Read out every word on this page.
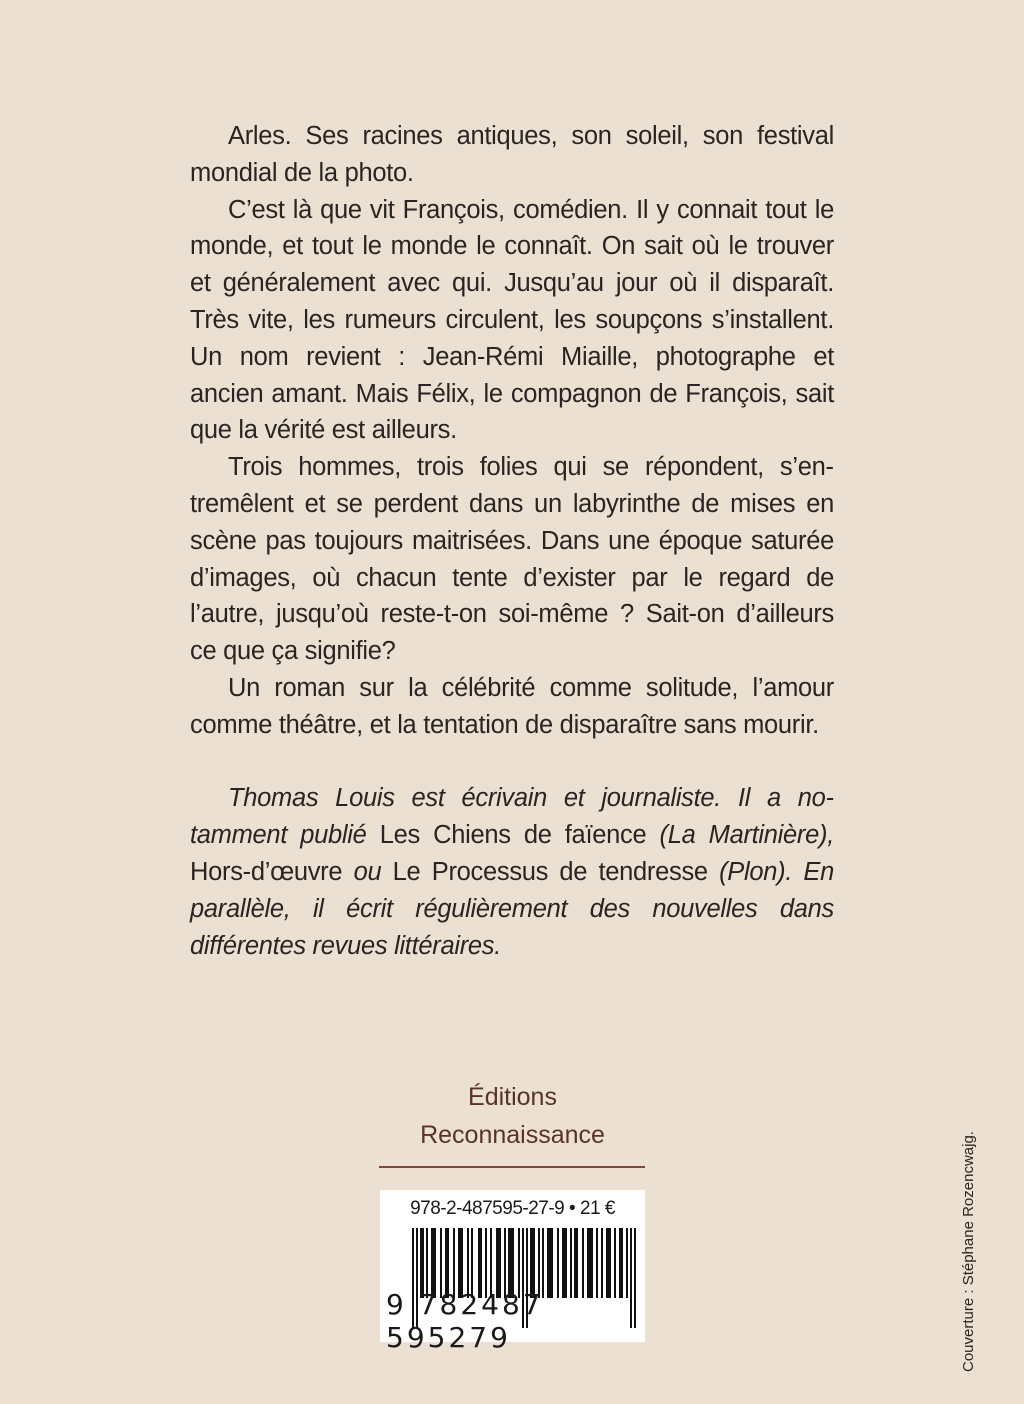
Arles. Ses racines antiques, son soleil, son festival mondial de la photo.

C’est là que vit François, comédien. Il y connait tout le monde, et tout le monde le connaît. On sait où le trouver et généralement avec qui. Jusqu’au jour où il disparaît. Très vite, les rumeurs circulent, les soupçons s’installent. Un nom revient : Jean-Rémi Miaille, photographe et ancien amant. Mais Félix, le compagnon de François, sait que la vérité est ailleurs.

Trois hommes, trois folies qui se répondent, s’entremêlent et se perdent dans un labyrinthe de mises en scène pas toujours maitrisées. Dans une époque saturée d’images, où chacun tente d’exister par le regard de l’autre, jusqu’où reste-t-on soi-même ? Sait-on d’ailleurs ce que ça signifie?

Un roman sur la célébrité comme solitude, l’amour comme théâtre, et la tentation de disparaître sans mourir.

Thomas Louis est écrivain et journaliste. Il a notamment publié Les Chiens de faïence (La Martinière), Hors-d’œuvre ou Le Processus de tendresse (Plon). En parallèle, il écrit régulièrement des nouvelles dans différentes revues littéraires.

Éditions
Reconnaissance
978-2-487595-27-9 • 21 €
9 782487 595279	Couverture : Stéphane Rozencwajg.
